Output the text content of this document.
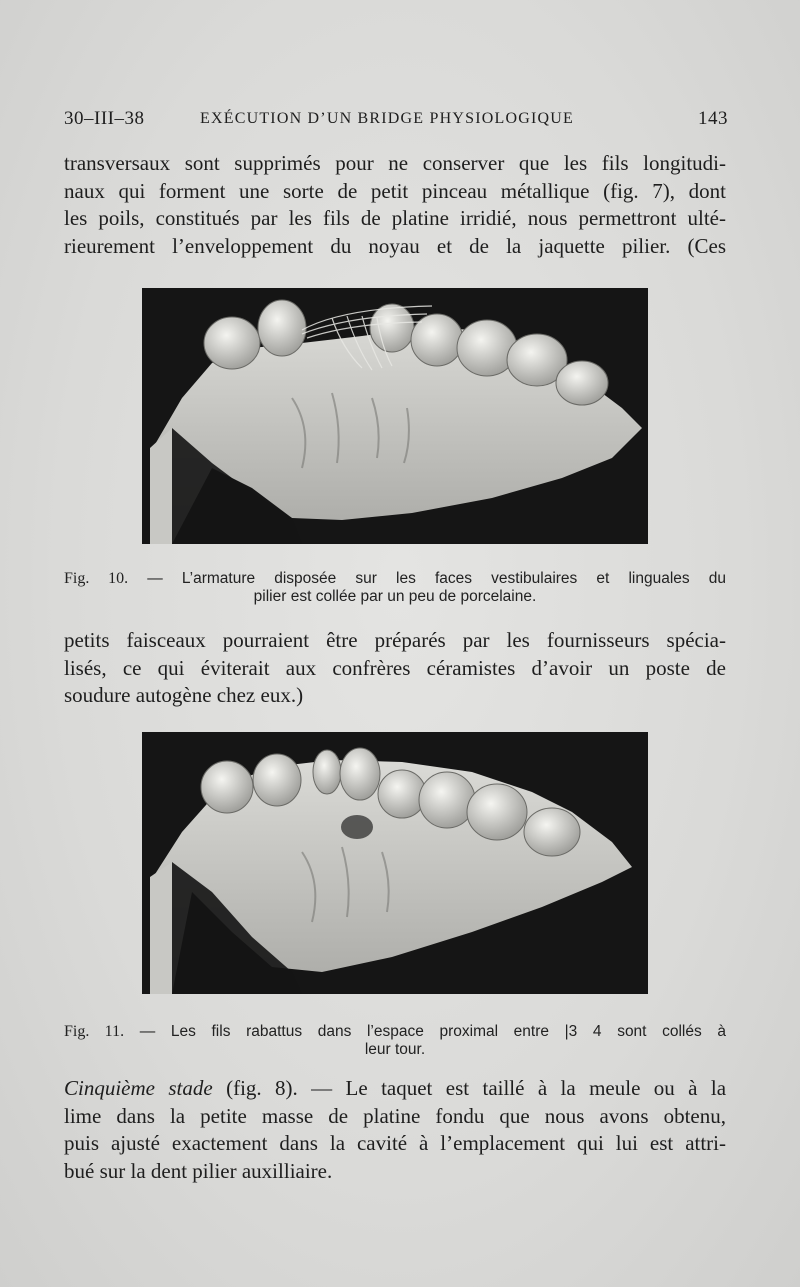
30–III–38	EXÉCUTION D’UN BRIDGE PHYSIOLOGIQUE	143
transversaux sont supprimés pour ne conserver que les fils longitudi-
naux qui forment une sorte de petit pinceau métallique (fig. 7), dont
les poils, constitués par les fils de platine irridié, nous permettront ulté-
rieurement l’enveloppement du noyau et de la jaquette pilier. (Ces
Fig. 10. — L’armature disposée sur les faces vestibulaires et linguales du
pilier est collée par un peu de porcelaine.
petits faisceaux pourraient être préparés par les fournisseurs spécia-
lisés, ce qui éviterait aux confrères céramistes d’avoir un poste de
soudure autogène chez eux.)
Fig. 11. — Les fils rabattus dans l’espace proximal entre |3 4 sont collés à
leur tour.
Cinquième stade (fig. 8). — Le taquet est taillé à la meule ou à la
lime dans la petite masse de platine fondu que nous avons obtenu,
puis ajusté exactement dans la cavité à l’emplacement qui lui est attri-
bué sur la dent pilier auxilliaire.
